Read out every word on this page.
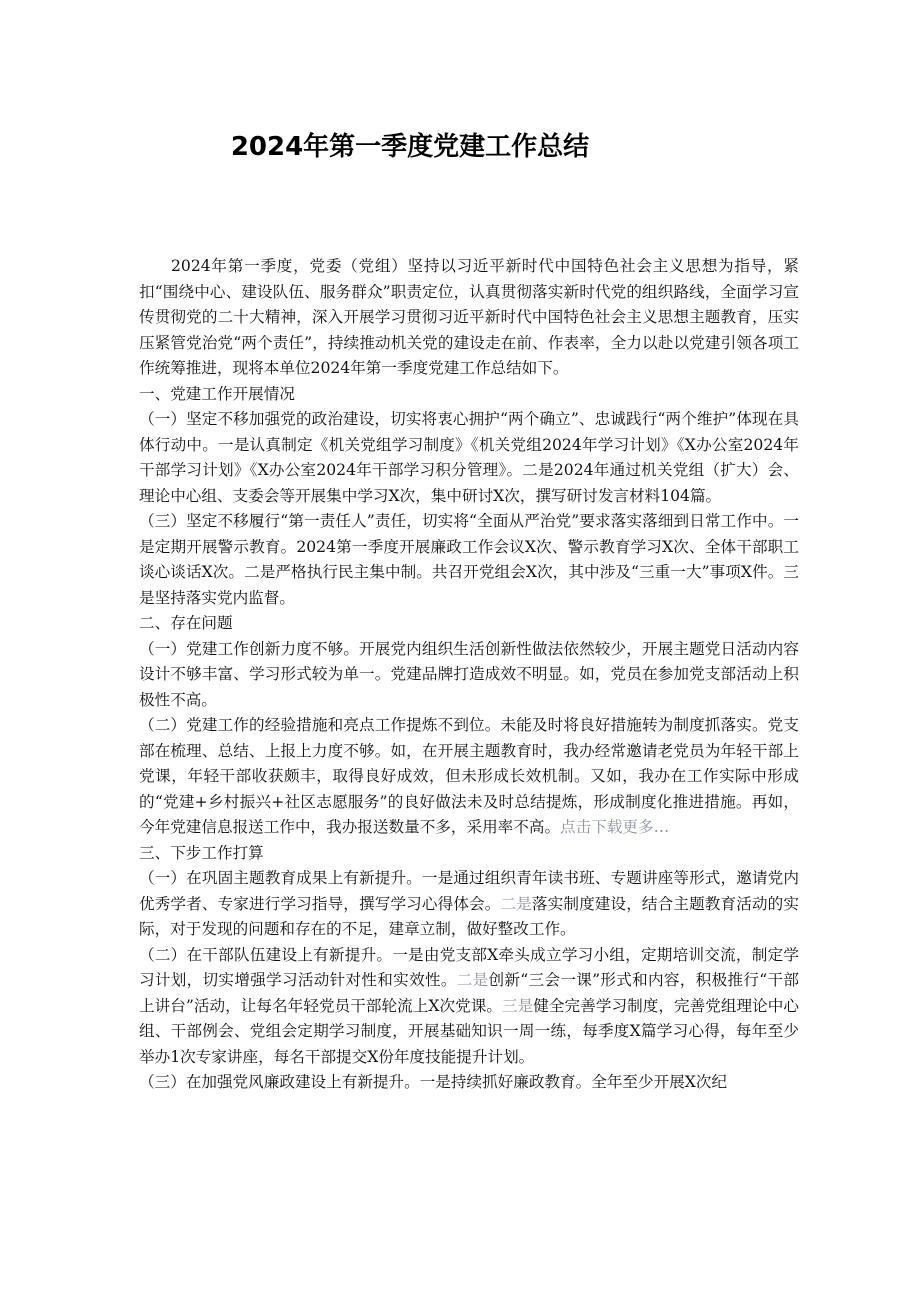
2024年第一季度党建工作总结

2024年第一季度，党委（党组）坚持以习近平新时代中国特色社会主义思想为指导，紧扣“围绕中心、建设队伍、服务群众”职责定位，认真贯彻落实新时代党的组织路线，全面学习宣传贯彻党的二十大精神，深入开展学习贯彻习近平新时代中国特色社会主义思想主题教育，压实压紧管党治党“两个责任”，持续推动机关党的建设走在前、作表率，全力以赴以党建引领各项工作统筹推进，现将本单位2024年第一季度党建工作总结如下。

一、党建工作开展情况

（一）坚定不移加强党的政治建设，切实将衷心拥护“两个确立”、忠诚践行“两个维护”体现在具体行动中。一是认真制定《机关党组学习制度》《机关党组2024年学习计划》《X办公室2024年干部学习计划》《X办公室2024年干部学习积分管理》。二是2024年通过机关党组（扩大）会、理论中心组、支委会等开展集中学习X次，集中研讨X次，撰写研讨发言材料104篇。

（三）坚定不移履行“第一责任人”责任，切实将“全面从严治党”要求落实落细到日常工作中。一是定期开展警示教育。2024第一季度开展廉政工作会议X次、警示教育学习X次、全体干部职工谈心谈话X次。二是严格执行民主集中制。共召开党组会X次，其中涉及“三重一大”事项X件。三是坚持落实党内监督。

二、存在问题

（一）党建工作创新力度不够。开展党内组织生活创新性做法依然较少，开展主题党日活动内容设计不够丰富、学习形式较为单一。党建品牌打造成效不明显。如，党员在参加党支部活动上积极性不高。

（二）党建工作的经验措施和亮点工作提炼不到位。未能及时将良好措施转为制度抓落实。党支部在梳理、总结、上报上力度不够。如，在开展主题教育时，我办经常邀请老党员为年轻干部上党课，年轻干部收获颇丰，取得良好成效，但未形成长效机制。又如，我办在工作实际中形成的“党建+乡村振兴+社区志愿服务”的良好做法未及时总结提炼，形成制度化推进措施。再如，今年党建信息报送工作中，我办报送数量不多，采用率不高。点击下载更多…

三、下步工作打算

（一）在巩固主题教育成果上有新提升。一是通过组织青年读书班、专题讲座等形式，邀请党内优秀学者、专家进行学习指导，撰写学习心得体会。二是落实制度建设，结合主题教育活动的实际，对于发现的问题和存在的不足，建章立制，做好整改工作。

（二）在干部队伍建设上有新提升。一是由党支部X牵头成立学习小组，定期培训交流，制定学习计划，切实增强学习活动针对性和实效性。二是创新“三会一课”形式和内容，积极推行“干部上讲台”活动，让每名年轻党员干部轮流上X次党课。三是健全完善学习制度，完善党组理论中心组、干部例会、党组会定期学习制度，开展基础知识一周一练，每季度X篇学习心得，每年至少举办1次专家讲座，每名干部提交X份年度技能提升计划。

（三）在加强党风廉政建设上有新提升。一是持续抓好廉政教育。全年至少开展X次纪
